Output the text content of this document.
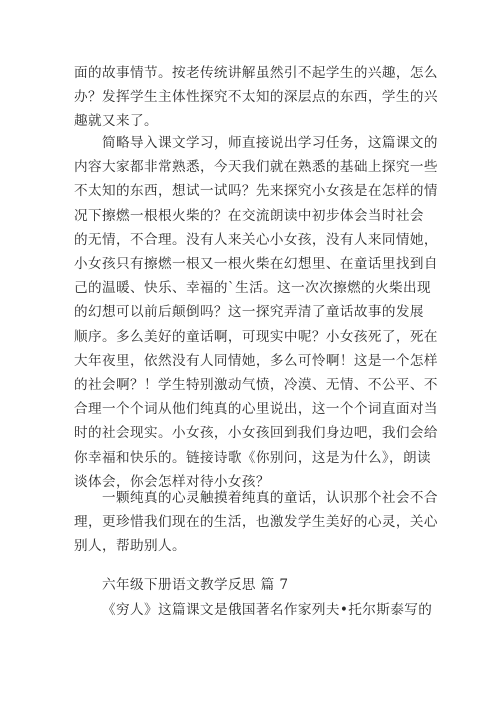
面的故事情节。按老传统讲解虽然引不起学生的兴趣，怎么
办？发挥学生主体性探究不太知的深层点的东西，学生的兴
趣就又来了。
简略导入课文学习，师直接说出学习任务，这篇课文的
内容大家都非常熟悉，今天我们就在熟悉的基础上探究一些
不太知的东西，想试一试吗？先来探究小女孩是在怎样的情
况下擦燃一根根火柴的？在交流朗读中初步体会当时社会
的无情，不合理。没有人来关心小女孩，没有人来同情她，
小女孩只有擦燃一根又一根火柴在幻想里、在童话里找到自
己的温暖、快乐、幸福的`生活。这一次次擦燃的火柴出现
的幻想可以前后颠倒吗？这一探究弄清了童话故事的发展
顺序。多么美好的童话啊，可现实中呢？小女孩死了，死在
大年夜里，依然没有人同情她，多么可怜啊！这是一个怎样
的社会啊？！学生特别激动气愤，冷漠、无情、不公平、不
合理一个个词从他们纯真的心里说出，这一个个词直面对当
时的社会现实。小女孩，小女孩回到我们身边吧，我们会给
你幸福和快乐的。链接诗歌《你别问，这是为什么》，朗读
谈体会，你会怎样对待小女孩？
一颗纯真的心灵触摸着纯真的童话，认识那个社会不合
理，更珍惜我们现在的生活，也激发学生美好的心灵，关心
别人，帮助别人。
六年级下册语文教学反思 篇 7
《穷人》这篇课文是俄国著名作家列夫•托尔斯泰写的
